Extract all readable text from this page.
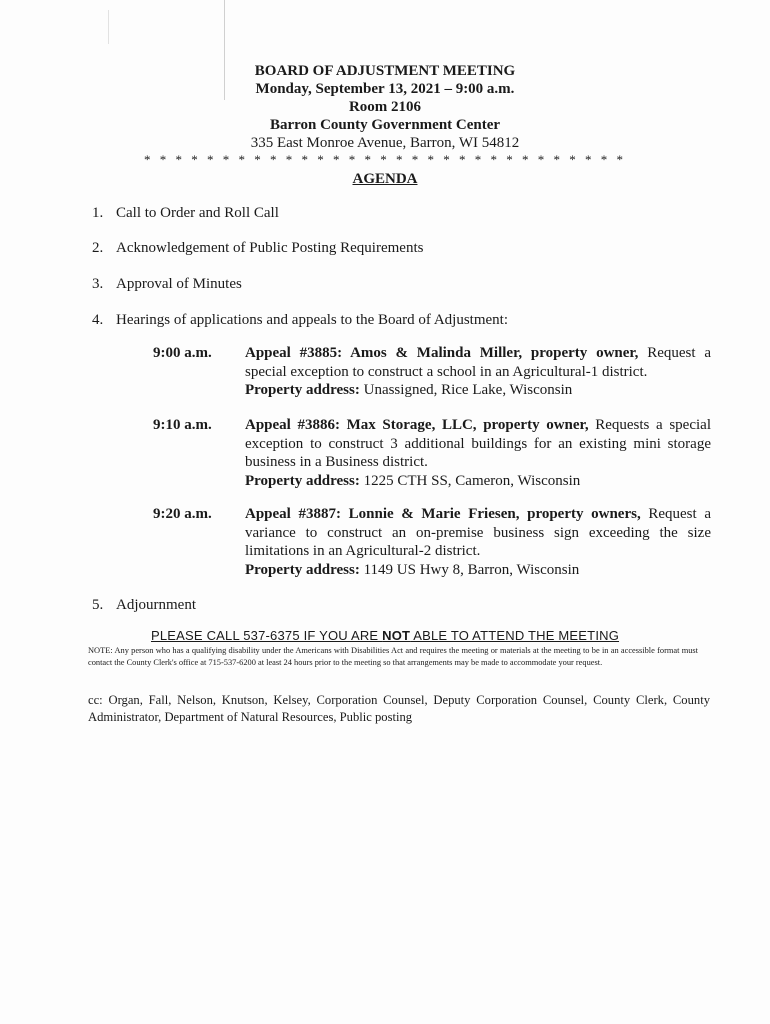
BOARD OF ADJUSTMENT MEETING

Monday, September 13, 2021 – 9:00 a.m.

Room 2106

Barron County Government Center

335 East Monroe Avenue, Barron, WI 54812

* * * * * * * * * * * * * * * * * * * * * * * * * * * * * * *
AGENDA
1. Call to Order and Roll Call
2. Acknowledgement of Public Posting Requirements
3. Approval of Minutes
4. Hearings of applications and appeals to the Board of Adjustment:
9:00 a.m. Appeal #3885: Amos & Malinda Miller, property owner, Request a special exception to construct a school in an Agricultural-1 district.
Property address: Unassigned, Rice Lake, Wisconsin
9:10 a.m. Appeal #3886: Max Storage, LLC, property owner, Requests a special exception to construct 3 additional buildings for an existing mini storage business in a Business district.
Property address: 1225 CTH SS, Cameron, Wisconsin
9:20 a.m. Appeal #3887: Lonnie & Marie Friesen, property owners, Request a variance to construct an on-premise business sign exceeding the size limitations in an Agricultural-2 district.
Property address: 1149 US Hwy 8, Barron, Wisconsin
5. Adjournment
PLEASE CALL 537-6375 IF YOU ARE NOT ABLE TO ATTEND THE MEETING
NOTE: Any person who has a qualifying disability under the Americans with Disabilities Act and requires the meeting or materials at the meeting to be in an accessible format must contact the County Clerk's office at 715-537-6200 at least 24 hours prior to the meeting so that arrangements may be made to accommodate your request.
cc: Organ, Fall, Nelson, Knutson, Kelsey, Corporation Counsel, Deputy Corporation Counsel, County Clerk, County Administrator, Department of Natural Resources, Public posting
